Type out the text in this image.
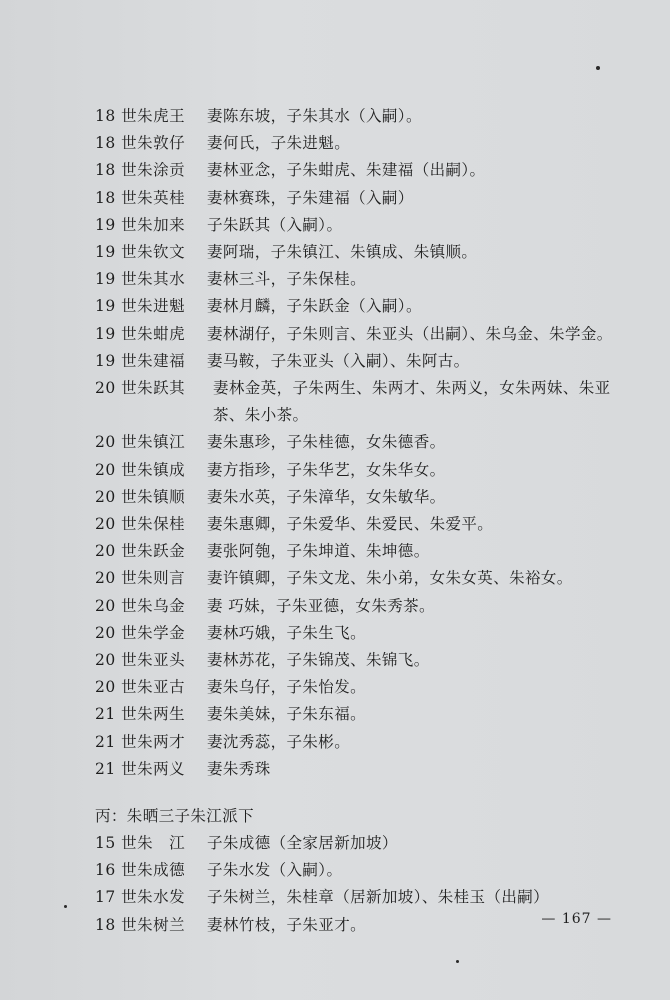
18 世朱虎王	妻陈东坡，子朱其水（入嗣）。
18 世朱敦仔	妻何氏，子朱进魁。
18 世朱涂贡	妻林亚念，子朱蚶虎、朱建福（出嗣）。
18 世朱英桂	妻林赛珠，子朱建福（入嗣）
19 世朱加来	子朱跃其（入嗣）。
19 世朱钦文	妻阿瑞，子朱镇江、朱镇成、朱镇顺。
19 世朱其水	妻林三斗，子朱保桂。
19 世朱进魁	妻林月麟，子朱跃金（入嗣）。
19 世朱蚶虎	妻林湖仔，子朱则言、朱亚头（出嗣）、朱乌金、朱学金。
19 世朱建福	妻马鞍，子朱亚头（入嗣）、朱阿古。
20 世朱跃其	妻林金英，子朱两生、朱两才、朱两义，女朱两妹、朱亚茶、朱小茶。
20 世朱镇江	妻朱惠珍，子朱桂德，女朱德香。
20 世朱镇成	妻方指珍，子朱华艺，女朱华女。
20 世朱镇顺	妻朱水英，子朱漳华，女朱敏华。
20 世朱保桂	妻朱惠卿，子朱爱华、朱爱民、朱爱平。
20 世朱跃金	妻张阿匏，子朱坤道、朱坤德。
20 世朱则言	妻许镇卿，子朱文龙、朱小弟，女朱女英、朱裕女。
20 世朱乌金	妻 巧妹，子朱亚德，女朱秀茶。
20 世朱学金	妻林巧娥，子朱生飞。
20 世朱亚头	妻林苏花，子朱锦茂、朱锦飞。
20 世朱亚古	妻朱乌仔，子朱怡发。
21 世朱两生	妻朱美妹，子朱东福。
21 世朱两才	妻沈秀蕊，子朱彬。
21 世朱两义	妻朱秀珠
丙：朱晒三子朱江派下
15 世朱　江	子朱成德（全家居新加坡）
16 世朱成德	子朱水发（入嗣）。
17 世朱水发	子朱树兰，朱桂章（居新加坡）、朱桂玉（出嗣）
18 世朱树兰	妻林竹枝，子朱亚才。	— 167 —
